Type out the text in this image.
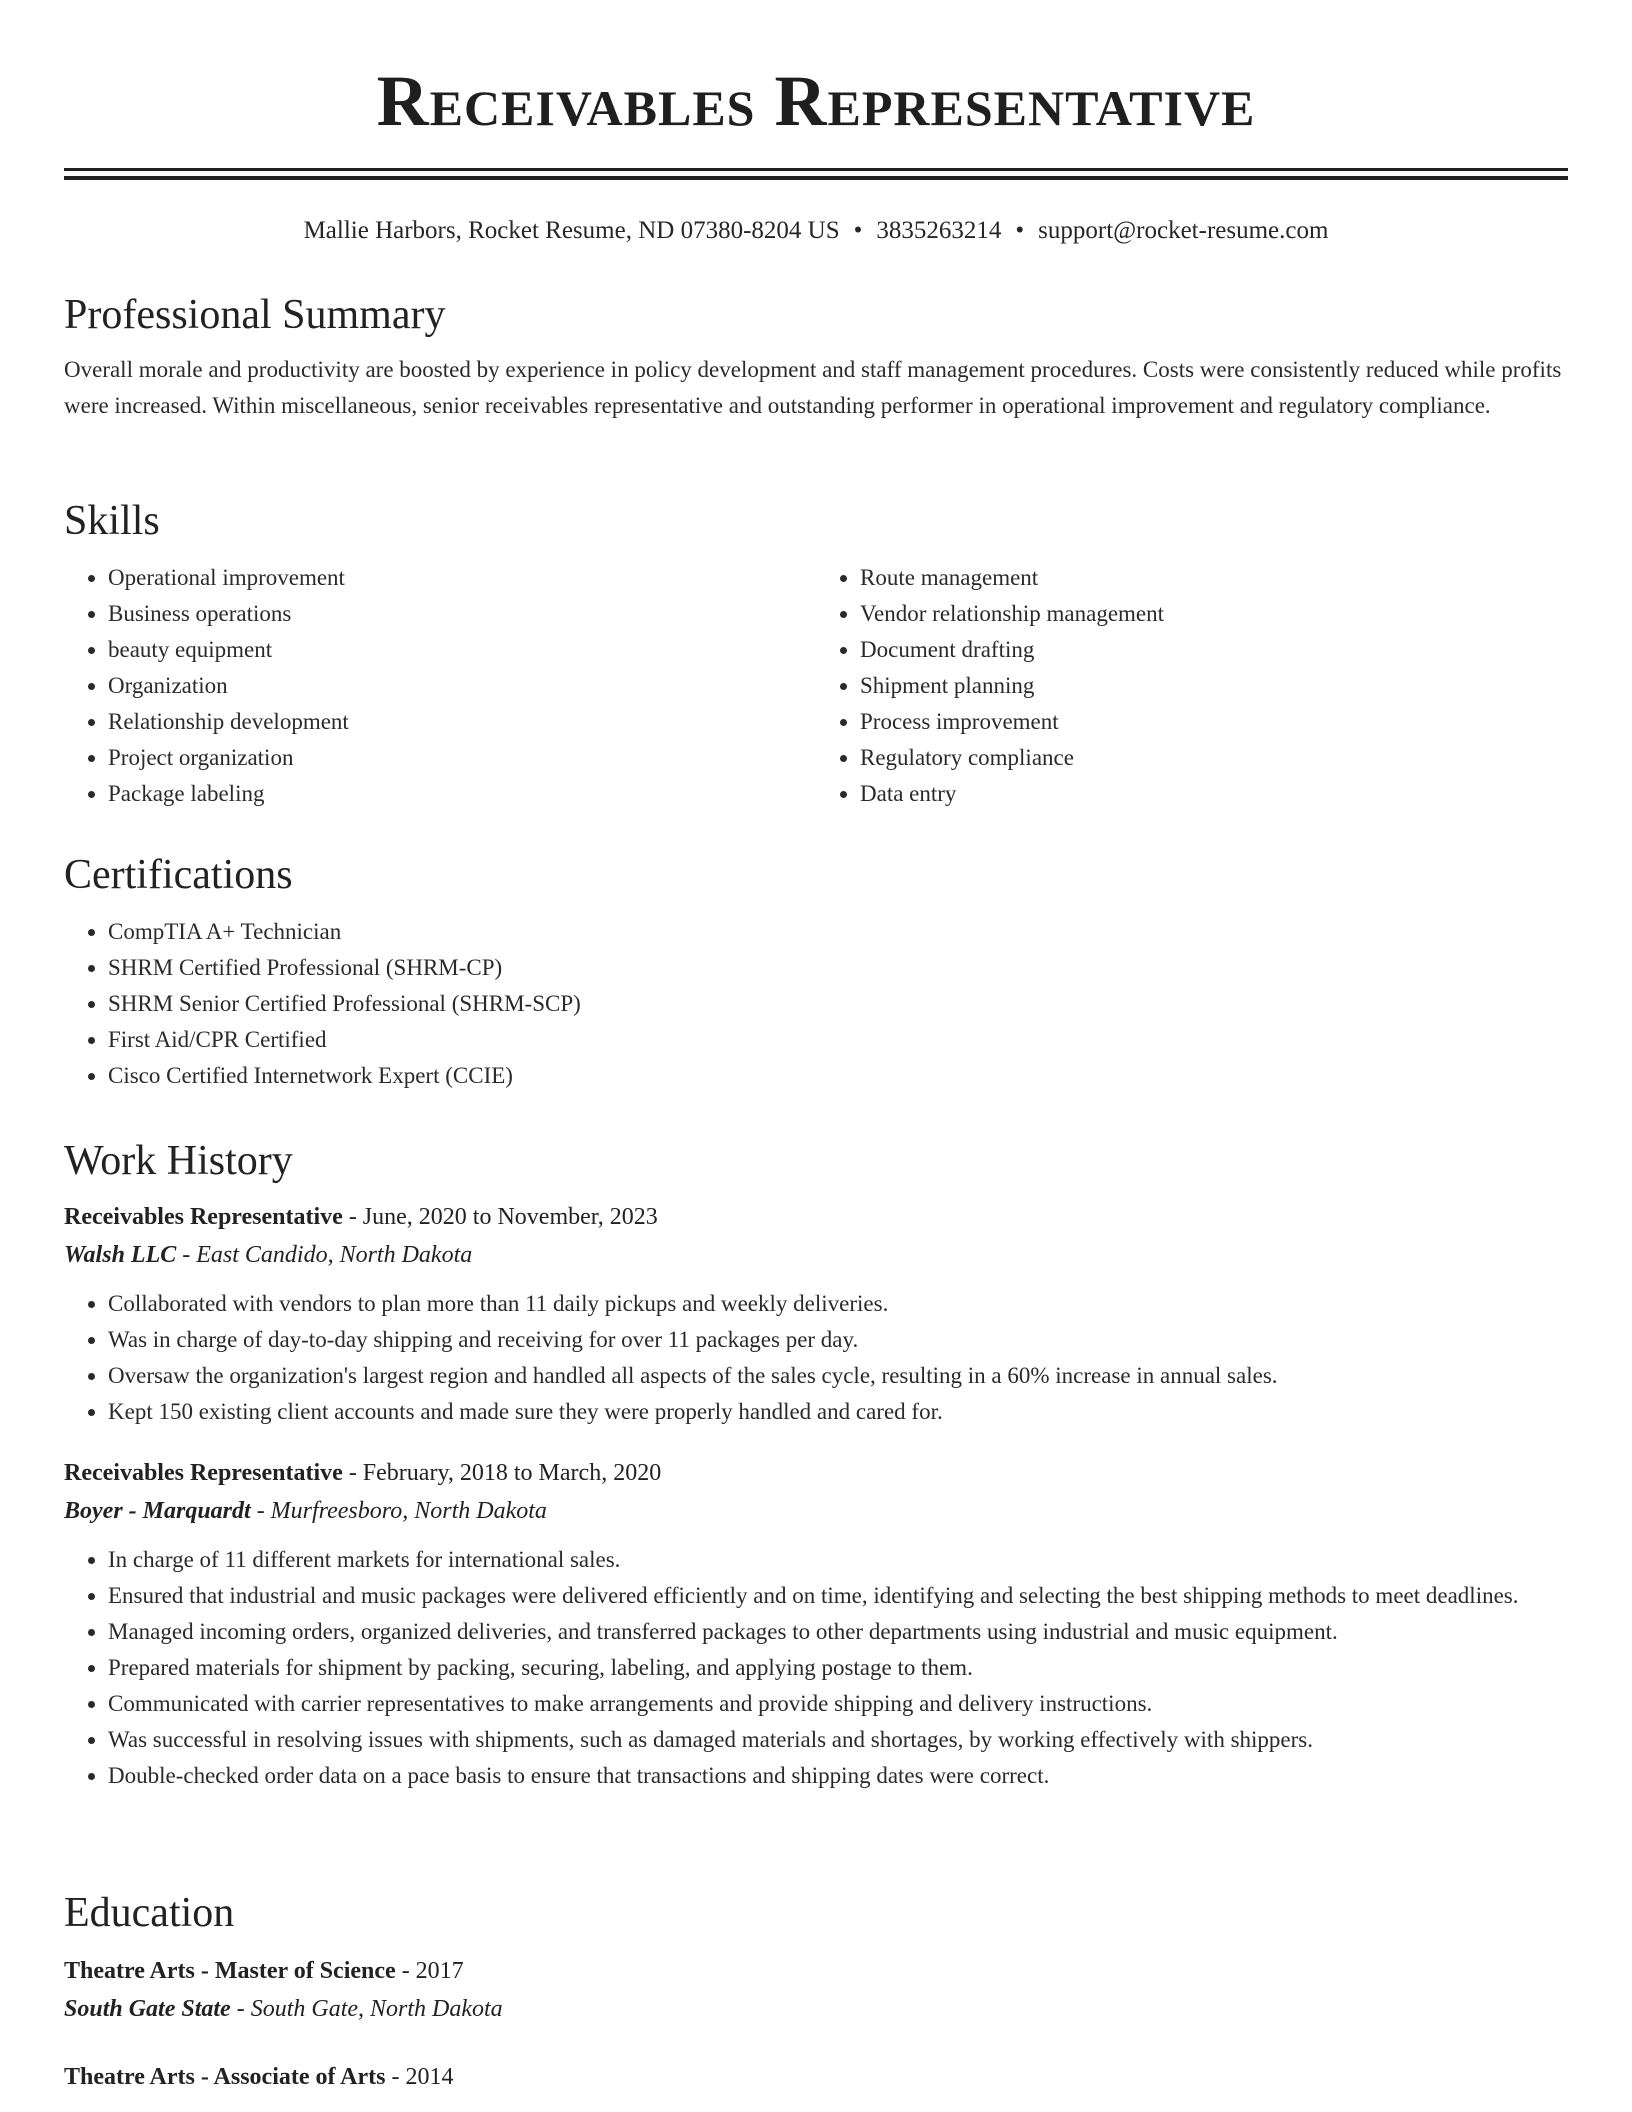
Receivables Representative
Mallie Harbors, Rocket Resume, ND 07380-8204 US • 3835263214 • support@rocket-resume.com
Professional Summary

Overall morale and productivity are boosted by experience in policy development and staff management procedures. Costs were consistently reduced while profits were increased. Within miscellaneous, senior receivables representative and outstanding performer in operational improvement and regulatory compliance.

Skills
• Operational improvement
• Business operations
• beauty equipment
• Organization
• Relationship development
• Project organization
• Package labeling
• Route management
• Vendor relationship management
• Document drafting
• Shipment planning
• Process improvement
• Regulatory compliance
• Data entry
Certifications
• CompTIA A+ Technician
• SHRM Certified Professional (SHRM-CP)
• SHRM Senior Certified Professional (SHRM-SCP)
• First Aid/CPR Certified
• Cisco Certified Internetwork Expert (CCIE)
Work History
Receivables Representative - June, 2020 to November, 2023
Walsh LLC - East Candido, North Dakota
• Collaborated with vendors to plan more than 11 daily pickups and weekly deliveries.
• Was in charge of day-to-day shipping and receiving for over 11 packages per day.
• Oversaw the organization's largest region and handled all aspects of the sales cycle, resulting in a 60% increase in annual sales.
• Kept 150 existing client accounts and made sure they were properly handled and cared for.
Receivables Representative - February, 2018 to March, 2020
Boyer - Marquardt - Murfreesboro, North Dakota
• In charge of 11 different markets for international sales.
• Ensured that industrial and music packages were delivered efficiently and on time, identifying and selecting the best shipping methods to meet deadlines.
• Managed incoming orders, organized deliveries, and transferred packages to other departments using industrial and music equipment.
• Prepared materials for shipment by packing, securing, labeling, and applying postage to them.
• Communicated with carrier representatives to make arrangements and provide shipping and delivery instructions.
• Was successful in resolving issues with shipments, such as damaged materials and shortages, by working effectively with shippers.
• Double-checked order data on a pace basis to ensure that transactions and shipping dates were correct.
Education
Theatre Arts - Master of Science - 2017
South Gate State - South Gate, North Dakota
Theatre Arts - Associate of Arts - 2014
